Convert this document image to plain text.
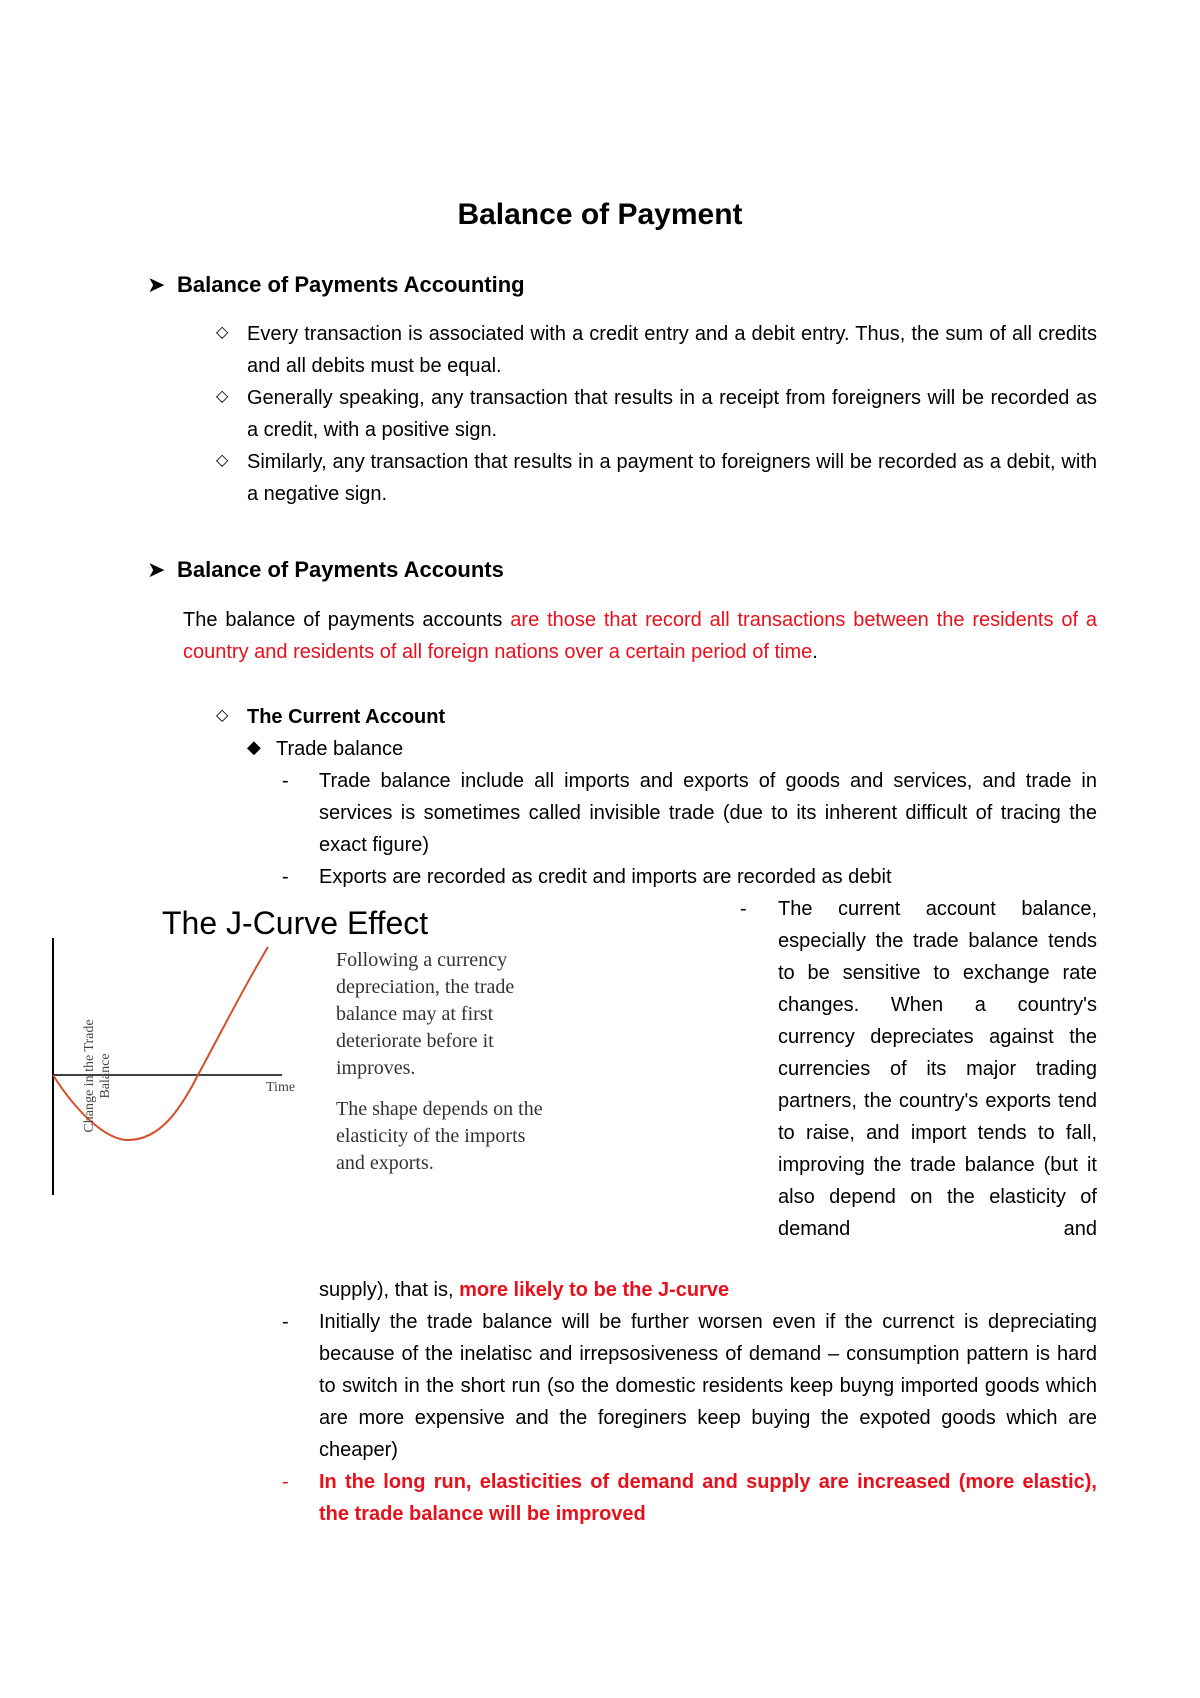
Balance of Payment
➤ Balance of Payments Accounting
◇ Every transaction is associated with a credit entry and a debit entry. Thus, the sum of all credits and all debits must be equal.
◇ Generally speaking, any transaction that results in a receipt from foreigners will be recorded as a credit, with a positive sign.
◇ Similarly, any transaction that results in a payment to foreigners will be recorded as a debit, with a negative sign.
➤ Balance of Payments Accounts
The balance of payments accounts are those that record all transactions between the residents of a country and residents of all foreign nations over a certain period of time.
◇ The Current Account
◆ Trade balance
- Trade balance include all imports and exports of goods and services, and trade in services is sometimes called invisible trade (due to its inherent difficult of tracing the exact figure)
- Exports are recorded as credit and imports are recorded as debit
The J-Curve Effect
Change in the Trade Balance	Time
Following a currency depreciation, the trade balance may at first deteriorate before it improves.
The shape depends on the elasticity of the imports and exports.
- The current account balance, especially the trade balance tends to be sensitive to exchange rate changes. When a country's currency depreciates against the currencies of its major trading partners, the country's exports tend to raise, and import tends to fall, improving the trade balance (but it also depend on the elasticity of demand and
supply), that is, more likely to be the J-curve
- Initially the trade balance will be further worsen even if the currenct is depreciating because of the inelatisc and irrepsosiveness of demand – consumption pattern is hard to switch in the short run (so the domestic residents keep buyng imported goods which are more expensive and the foreginers keep buying the expoted goods which are cheaper)
- In the long run, elasticities of demand and supply are increased (more elastic), the trade balance will be improved
